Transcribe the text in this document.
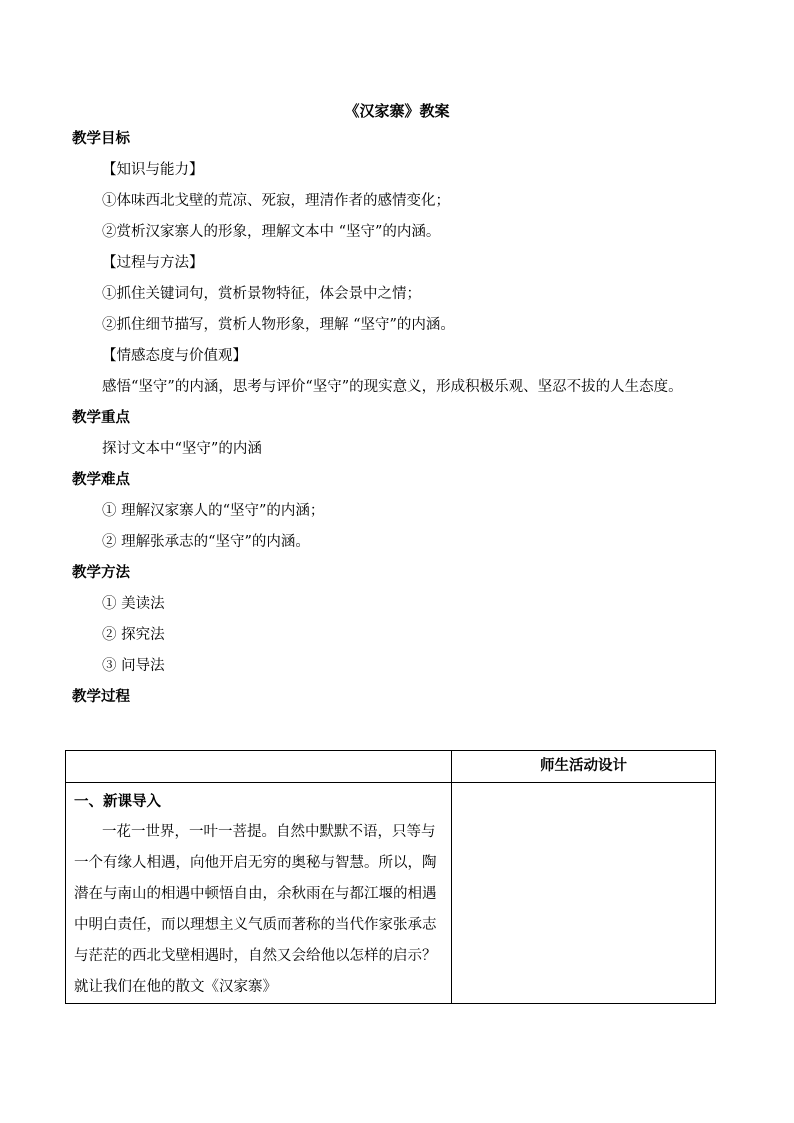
《汉家寨》教案
教学目标
【知识与能力】
①体味西北戈壁的荒凉、死寂，理清作者的感情变化；
②赏析汉家寨人的形象，理解文本中 “坚守”的内涵。
【过程与方法】
①抓住关键词句，赏析景物特征，体会景中之情；
②抓住细节描写，赏析人物形象，理解 “坚守”的内涵。
【情感态度与价值观】
感悟“坚守”的内涵，思考与评价“坚守”的现实意义，形成积极乐观、坚忍不拔的人生态度。
教学重点
探讨文本中“坚守”的内涵
教学难点
① 理解汉家寨人的“坚守”的内涵；
② 理解张承志的“坚守”的内涵。
教学方法
① 美读法
② 探究法
③ 问导法
教学过程
	师生活动设计

一、新课导入
一花一世界，一叶一菩提。自然中默默不语，只等与一个有缘人相遇，向他开启无穷的奥秘与智慧。所以，陶潜在与南山的相遇中顿悟自由，余秋雨在与都江堰的相遇中明白责任，而以理想主义气质而著称的当代作家张承志与茫茫的西北戈壁相遇时，自然又会给他以怎样的启示？就让我们在他的散文《汉家寨》	
